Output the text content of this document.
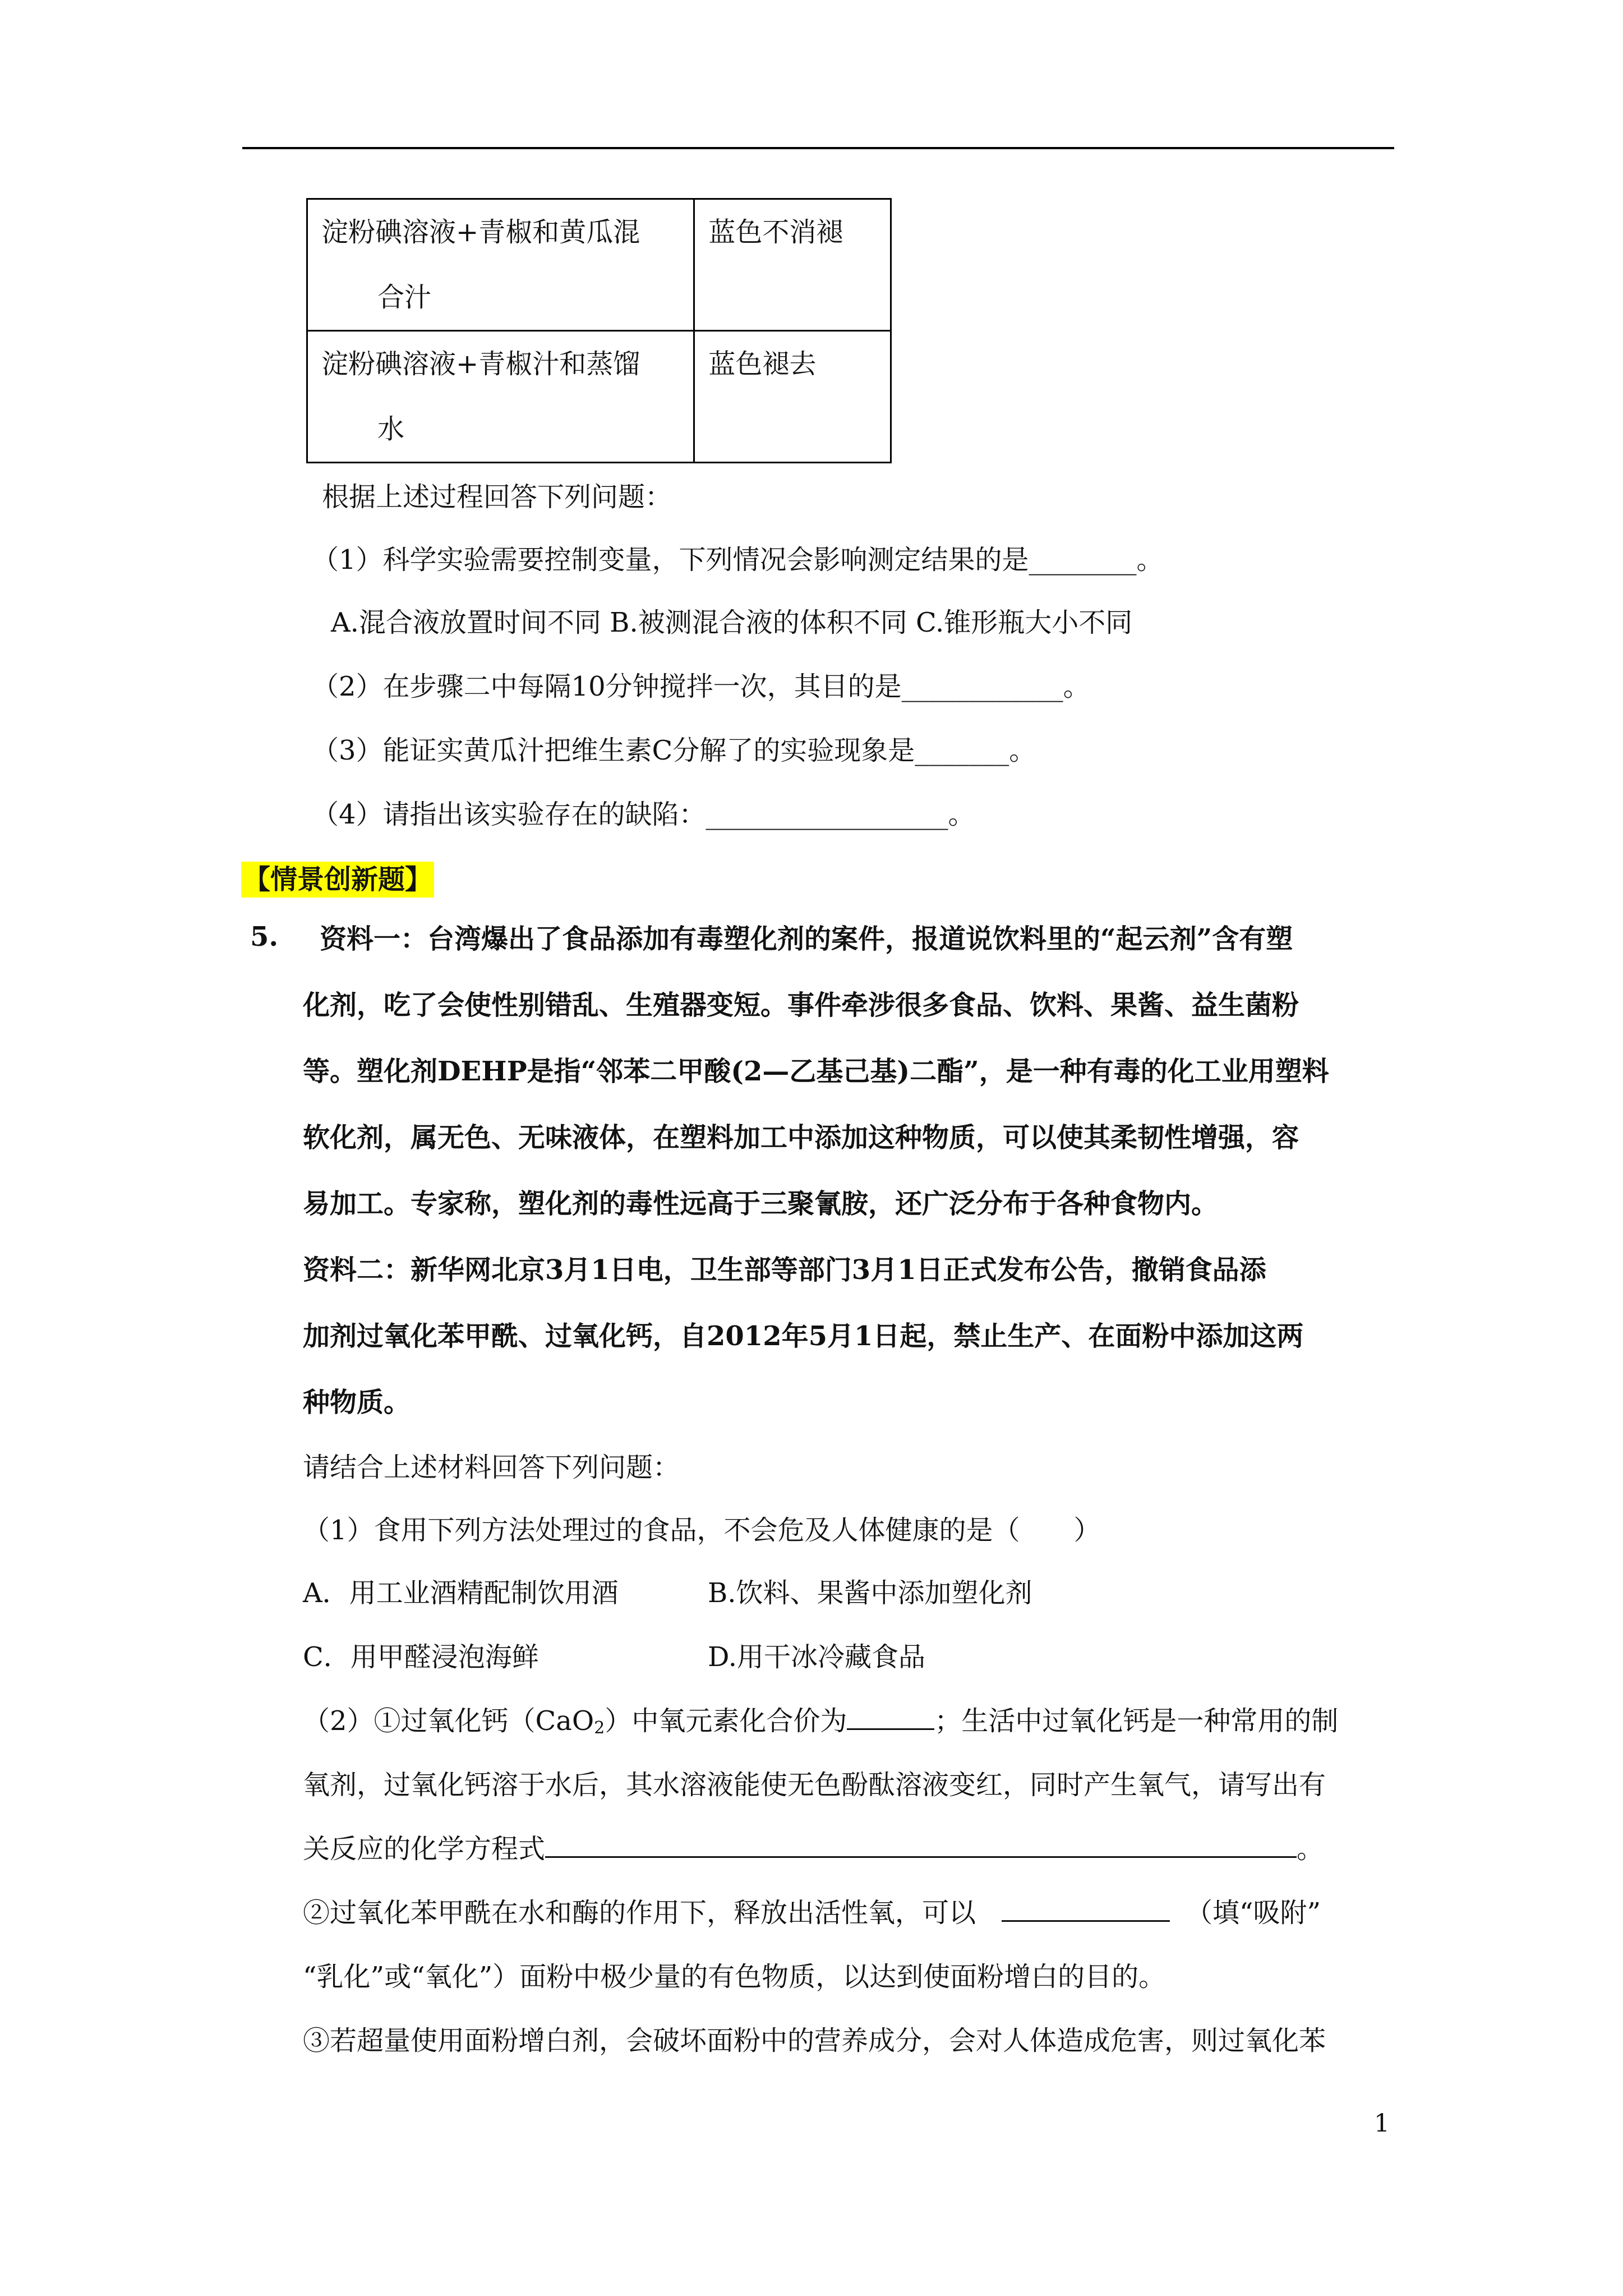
淀粉碘溶液+青椒和黄瓜混
合汁	蓝色不消褪
淀粉碘溶液+青椒汁和蒸馏
水	蓝色褪去
根据上述过程回答下列问题：
（1）科学实验需要控制变量，下列情况会影响测定结果的是________。
A.混合液放置时间不同 B.被测混合液的体积不同 C.锥形瓶大小不同
（2）在步骤二中每隔10分钟搅拌一次，其目的是____________。
（3）能证实黄瓜汁把维生素C分解了的实验现象是_______。
（4）请指出该实验存在的缺陷：__________________。
【情景创新题】
5. 资料一：台湾爆出了食品添加有毒塑化剂的案件，报道说饮料里的“起云剂”含有塑
化剂，吃了会使性别错乱、生殖器变短。事件牵涉很多食品、饮料、果酱、益生菌粉
等。塑化剂DEHP是指“邻苯二甲酸(2—乙基己基)二酯”，是一种有毒的化工业用塑料
软化剂，属无色、无味液体，在塑料加工中添加这种物质，可以使其柔韧性增强，容
易加工。专家称，塑化剂的毒性远高于三聚氰胺，还广泛分布于各种食物内。
资料二：新华网北京3月1日电，卫生部等部门3月1日正式发布公告，撤销食品添
加剂过氧化苯甲酰、过氧化钙，自2012年5月1日起，禁止生产、在面粉中添加这两
种物质。
请结合上述材料回答下列问题：
（1）食用下列方法处理过的食品，不会危及人体健康的是（　　）
A．用工业酒精配制饮用酒	B.饮料、果酱中添加塑化剂
C．用甲醛浸泡海鲜	D.用干冰冷藏食品
（2）①过氧化钙（CaO$_2$）中氧元素化合价为	；生活中过氧化钙是一种常用的制
氧剂，过氧化钙溶于水后，其水溶液能使无色酚酞溶液变红，同时产生氧气，请写出有
关反应的化学方程式	。
②过氧化苯甲酰在水和酶的作用下，释放出活性氧，可以	（填“吸附”
“乳化”或“氧化”）面粉中极少量的有色物质，以达到使面粉增白的目的。
③若超量使用面粉增白剂，会破坏面粉中的营养成分，会对人体造成危害，则过氧化苯
1
